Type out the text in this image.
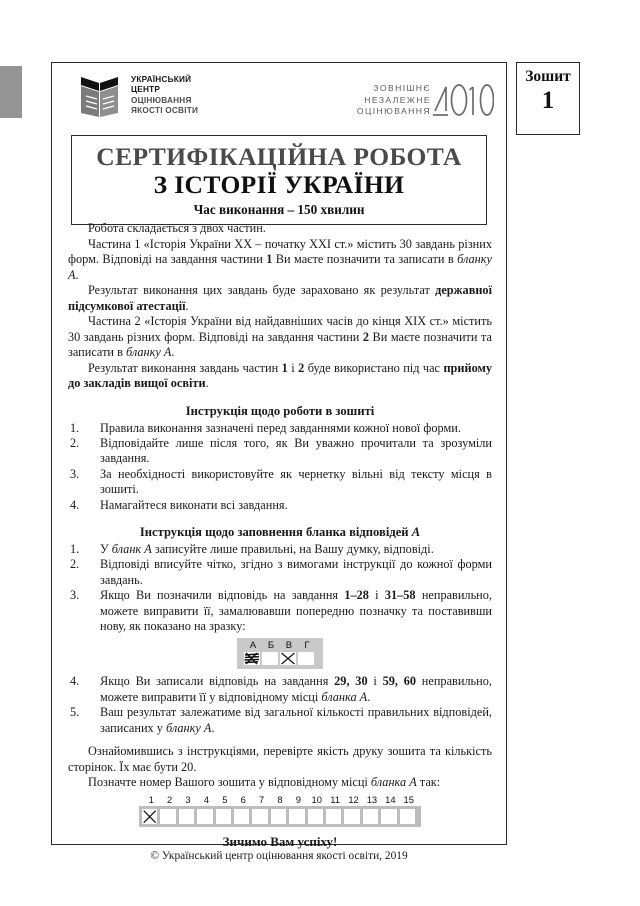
Зошит
1
УКРАЇНСЬКИЙ
ЦЕНТР
ОЦІНЮВАННЯ
ЯКОСТІ ОСВІТИ
ЗОВНІШНЄ
НЕЗАЛЕЖНЕ
ОЦІНЮВАННЯ
СЕРТИФІКАЦІЙНА РОБОТА
З ІСТОРІЇ УКРАЇНИ
Час виконання – 150 хвилин

Робота складається з двох частин.

Частина 1 «Історія України ХХ – початку ХХІ ст.» містить 30 завдань різних форм. Відповіді на завдання частини 1 Ви маєте позначити та записати в бланку А.

Результат виконання цих завдань буде зараховано як результат державної підсумкової атестації.

Частина 2 «Історія України від найдавніших часів до кінця ХІХ ст.» містить 30 завдань різних форм. Відповіді на завдання частини 2 Ви маєте позначити та записати в бланку А.

Результат виконання завдань частин 1 і 2 буде використано під час прийому до закладів вищої освіти.

Інструкція щодо роботи в зошиті
1.	Правила виконання зазначені перед завданнями кожної нової форми.
2.	Відповідайте лише після того, як Ви уважно прочитали та зрозуміли завдання.
3.	За необхідності використовуйте як чернетку вільні від тексту місця в зошиті.
4.	Намагайтеся виконати всі завдання.
Інструкція щодо заповнення бланка відповідей А
1.	У бланк А записуйте лише правильні, на Вашу думку, відповіді.
2.	Відповіді вписуйте чітко, згідно з вимогами інструкції до кожної форми завдань.
3.	Якщо Ви позначили відповідь на завдання 1–28 і 31–58 неправильно, можете виправити її, замалювавши попередню позначку та поставивши нову, як показано на зразку:
А	Б	В	Г
4.	Якщо Ви записали відповідь на завдання 29, 30 і 59, 60 неправильно, можете виправити її у відповідному місці бланка А.
5.	Ваш результат залежатиме від загальної кількості правильних відповідей, записаних у бланку А.

Ознайомившись з інструкціями, перевірте якість друку зошита та кількість сторінок. Їх має бути 20.

Позначте номер Вашого зошита у відповідному місці бланка А так:

1	2	3	4	5	6	7	8	9	10 11 12 13 14 15
Зичимо Вам успіху!
© Український центр оцінювання якості освіти, 2019
